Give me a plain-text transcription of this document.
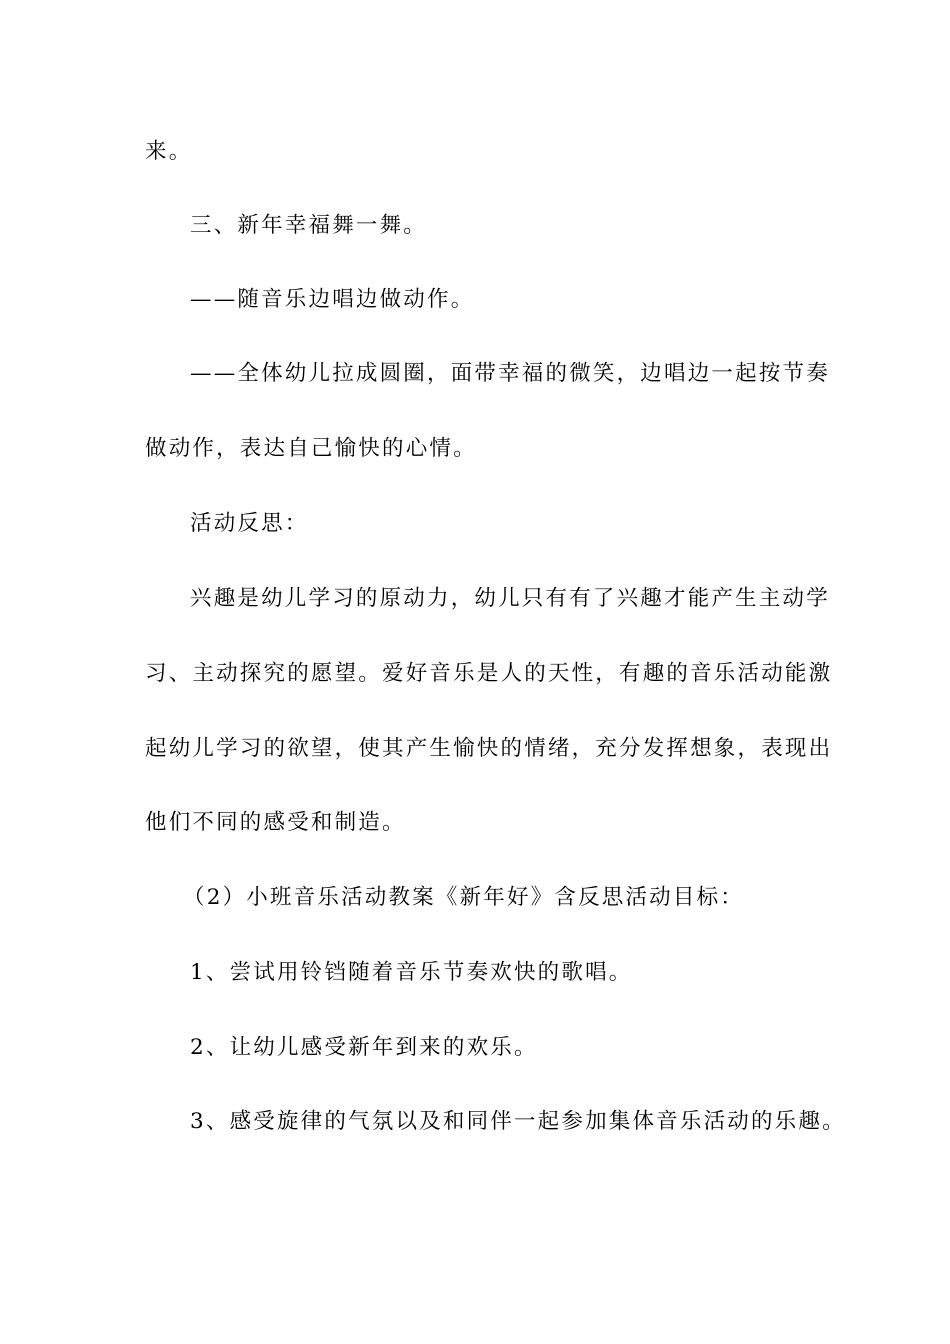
来。
三、新年幸福舞一舞。
——随音乐边唱边做动作。
——全体幼儿拉成圆圈，面带幸福的微笑，边唱边一起按节奏
做动作，表达自己愉快的心情。
活动反思：
兴趣是幼儿学习的原动力，幼儿只有有了兴趣才能产生主动学
习、主动探究的愿望。爱好音乐是人的天性，有趣的音乐活动能激
起幼儿学习的欲望，使其产生愉快的情绪，充分发挥想象，表现出
他们不同的感受和制造。
（2）小班音乐活动教案《新年好》含反思活动目标：
1、尝试用铃铛随着音乐节奏欢快的歌唱。
2、让幼儿感受新年到来的欢乐。
3、感受旋律的气氛以及和同伴一起参加集体音乐活动的乐趣。
